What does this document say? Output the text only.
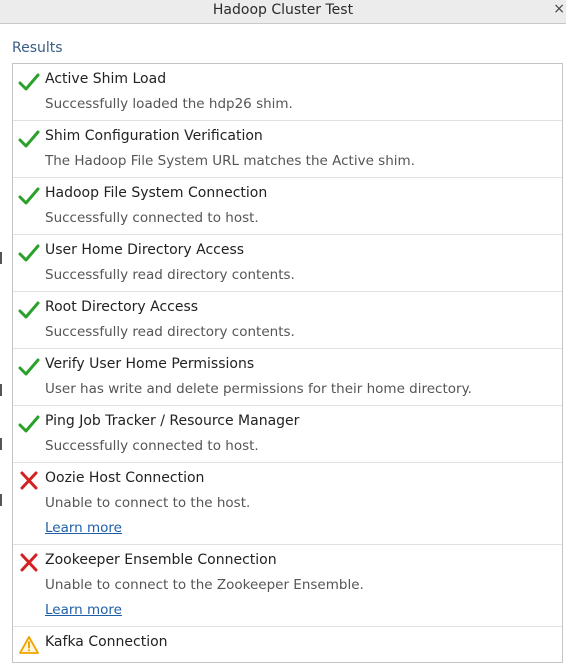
Hadoop Cluster Test	×
Results
Active Shim Load
Successfully loaded the hdp26 shim.
Shim Configuration Verification
The Hadoop File System URL matches the Active shim.
Hadoop File System Connection
Successfully connected to host.
User Home Directory Access
Successfully read directory contents.
Root Directory Access
Successfully read directory contents.
Verify User Home Permissions
User has write and delete permissions for their home directory.
Ping Job Tracker / Resource Manager
Successfully connected to host.
Oozie Host Connection
Unable to connect to the host.
Learn more
Zookeeper Ensemble Connection
Unable to connect to the Zookeeper Ensemble.
Learn more
Kafka Connection
